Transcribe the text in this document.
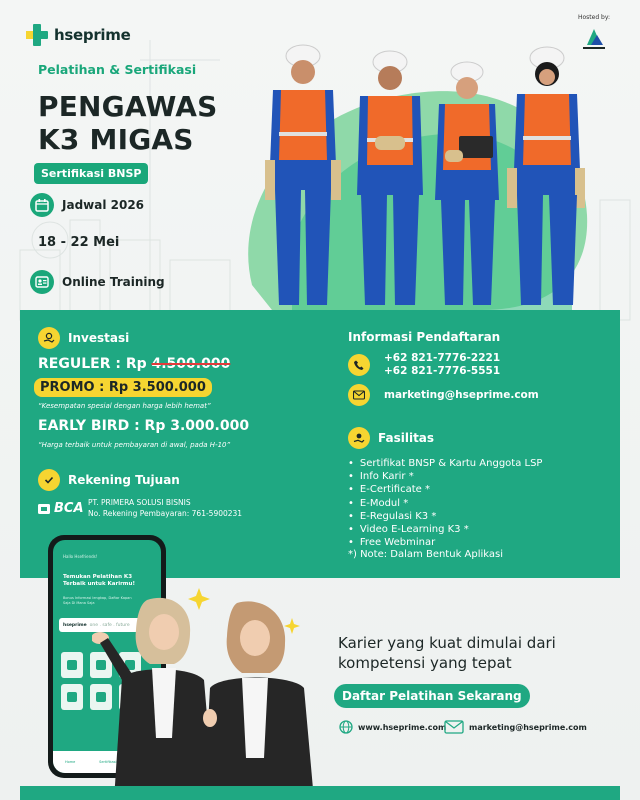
hseprime
Hosted by:
Pelatihan & Sertifikasi
PENGAWAS
K3 MIGAS
Sertifikasi BNSP
Jadwal 2026
18 - 22 Mei
Online Training
Investasi
REGULER : Rp 4.500.000
PROMO : Rp 3.500.000
“Kesempatan spesial dengan harga lebih hemat”
EARLY BIRD : Rp 3.000.000
“Harga terbaik untuk pembayaran di awal, pada H-10”
Rekening Tujuan
BCA PT. PRIMERA SOLUSI BISNIS
No. Rekening Pembayaran: 761-5900231
Informasi Pendaftaran
+62 821-7776-2221
+62 821-7776-5551
marketing@hseprime.com
Fasilitas
• Sertifikat BNSP & Kartu Anggota LSP
• Info Karir *
• E-Certificate *
• E-Modul *
• E-Regulasi K3 *
• Video E-Learning K3 *
• Free Webminar
*) Note: Dalam Bentuk Aplikasi
Hallo Hsefriends!
Temukan Pelatihan K3 Terbaik untuk Karirmu!
Bonus Informasi lengkap, Daftar Kapan Saja Di Mana Saja
hseprime one . safe . future
Home	Sertifikasi
Karier yang kuat dimulai dari
kompetensi yang tepat
Daftar Pelatihan Sekarang
www.hseprime.com	marketing@hseprime.com
